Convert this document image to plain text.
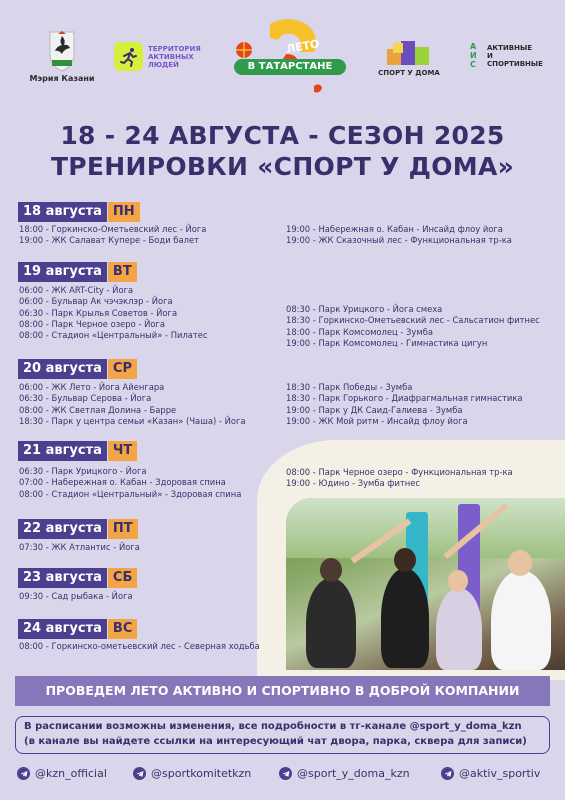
Мэрия Казани
ТЕРРИТОРИЯ
АКТИВНЫХ
ЛЮДЕЙ
ЛЕТО
В ТАТАРСТАНЕ
СПОРТ У ДОМА
А И С
АКТИВНЫЕ
И
СПОРТИВНЫЕ
18 - 24 АВГУСТА - СЕЗОН 2025
ТРЕНИРОВКИ «СПОРТ У ДОМА»
18 августа ПН
18:00 - Горкинско-Ометьевский лес - Йога
19:00 - ЖК Салават Купере - Боди балет
19:00 - Набережная о. Кабан - Инсайд флоу йога
19:00 - ЖК Сказочный лес - Функциональная тр-ка
19 августа ВТ
06:00 - ЖК ART-City - Йога
06:00 - Бульвар Ак чэчэклэр - Йога
06:30 - Парк Крылья Советов - Йога
08:00 - Парк Черное озеро - Йога
08:00 - Стадион «Центральный» - Пилатес
08:30 - Парк Урицкого - Йога смеха
18:30 - Горкинско-Ометьевский лес - Сальсатион фитнес
18:00 - Парк Комсомолец - Зумба
19:00 - Парк Комсомолец - Гимнастика цигун
20 августа СР
06:00 - ЖК Лето - Йога Айенгара
06:30 - Бульвар Серова - Йога
08:00 - ЖК Светлая Долина - Барре
18:30 - Парк у центра семьи «Казан» (Чаша) - Йога
18:30 - Парк Победы - Зумба
18:30 - Парк Горького - Диафрагмальная гимнастика
19:00 - Парк у ДК Саид-Галиева - Зумба
19:00 - ЖК Мой ритм - Инсайд флоу йога
21 августа ЧТ
06:30 - Парк Урицкого - Йога
07:00 - Набережная о. Кабан - Здоровая спина
08:00 - Стадион «Центральный» - Здоровая спина
08:00 - Парк Черное озеро - Функциональная тр-ка
19:00 - Юдино - Зумба фитнес
22 августа ПТ
07:30 - ЖК Атлантис - Йога
23 августа СБ
09:30 - Сад рыбака - Йога
24 августа ВС
08:00 - Горкинско-ометьевский лес - Северная ходьба
ПРОВЕДЕМ ЛЕТО АКТИВНО И СПОРТИВНО В ДОБРОЙ КОМПАНИИ
В расписании возможны изменения, все подробности в тг-канале @sport_y_doma_kzn
(в канале вы найдете ссылки на интересующий чат двора, парка, сквера для записи)
@kzn_official	@sportkomitetkzn	@sport_y_doma_kzn	@aktiv_sportiv
